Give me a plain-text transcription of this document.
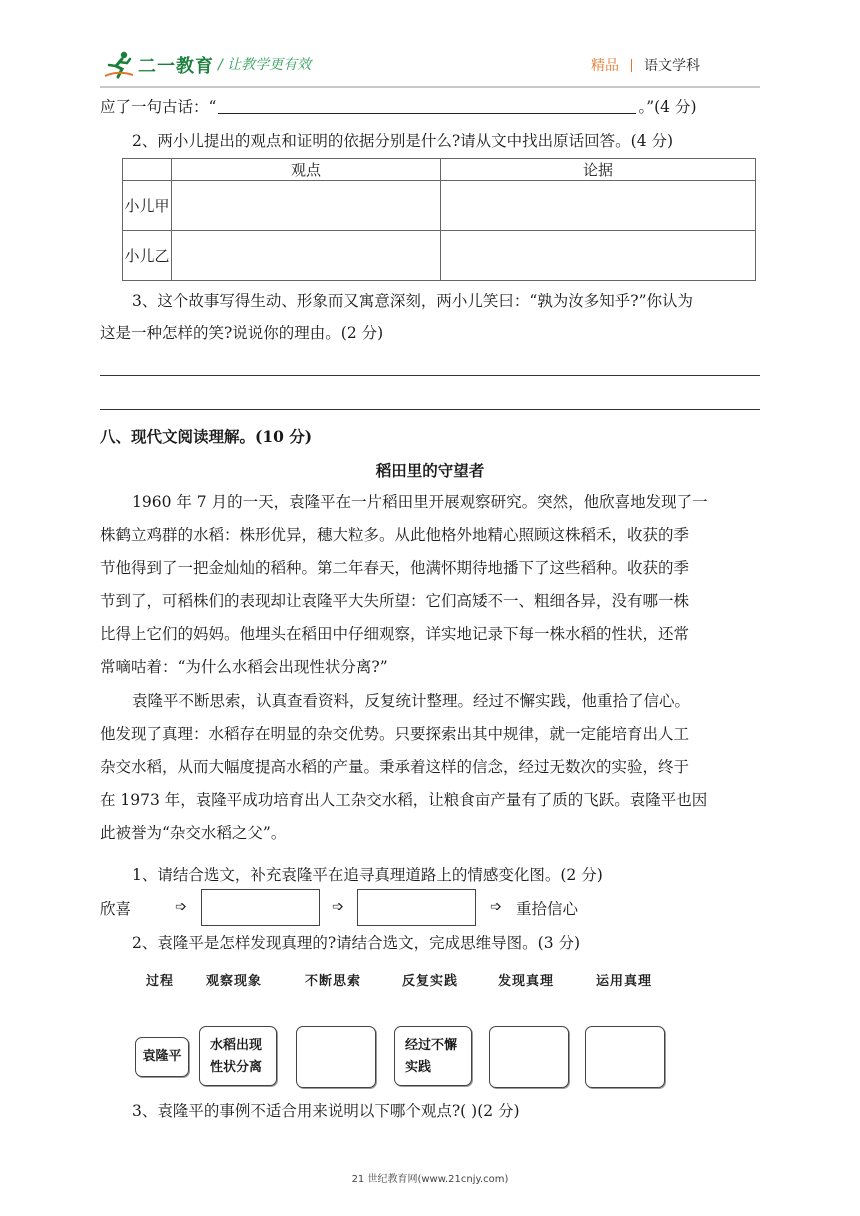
二一教育 / 让教学更有效	精品 语文学科
应了一句古话：“	。”(4 分)
2、两小儿提出的观点和证明的依据分别是什么?请从文中找出原话回答。(4 分)
	观点	论据
小儿甲		
小儿乙		
3、这个故事写得生动、形象而又寓意深刻，两小儿笑曰：“孰为汝多知乎?”你认为
这是一种怎样的笑?说说你的理由。(2 分)
八、现代文阅读理解。(10 分)
稻田里的守望者
1960 年 7 月的一天，袁隆平在一片稻田里开展观察研究。突然，他欣喜地发现了一
株鹤立鸡群的水稻：株形优异，穗大粒多。从此他格外地精心照顾这株稻禾，收获的季
节他得到了一把金灿灿的稻种。第二年春天，他满怀期待地播下了这些稻种。收获的季
节到了，可稻株们的表现却让袁隆平大失所望：它们高矮不一、粗细各异，没有哪一株
比得上它们的妈妈。他埋头在稻田中仔细观察，详实地记录下每一株水稻的性状，还常
常嘀咕着：“为什么水稻会出现性状分离?”
袁隆平不断思索，认真查看资料，反复统计整理。经过不懈实践，他重拾了信心。
他发现了真理：水稻存在明显的杂交优势。只要探索出其中规律，就一定能培育出人工
杂交水稻，从而大幅度提高水稻的产量。秉承着这样的信念，经过无数次的实验，终于
在 1973 年，袁隆平成功培育出人工杂交水稻，让粮食亩产量有了质的飞跃。袁隆平也因
此被誉为“杂交水稻之父”。
1、请结合选文，补充袁隆平在追寻真理道路上的情感变化图。(2 分)
欣喜	➩	➩	➩ 重拾信心
2、袁隆平是怎样发现真理的?请结合选文，完成思维导图。(3 分)
过程 观察现象	不断思索	反复实践	发现真理	运用真理
袁隆平
水稻出现
性状分离
经过不懈
实践
3、袁隆平的事例不适合用来说明以下哪个观点?( )(2 分)
21 世纪教育网(www.21cnjy.com)
